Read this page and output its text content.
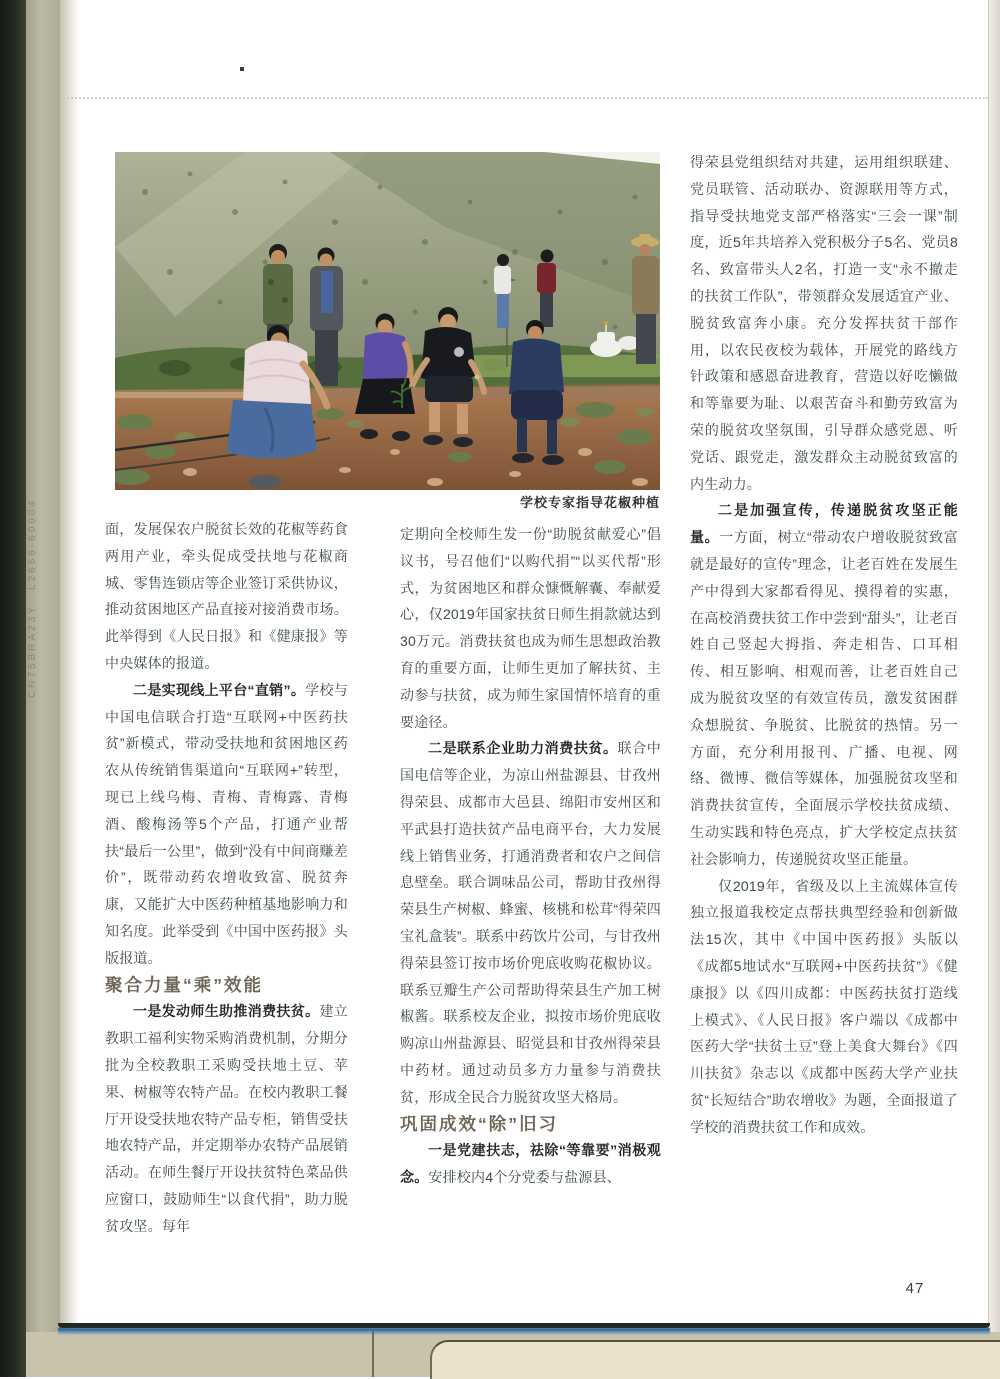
CN75BRA23Y
L2666-60004	学校专家指导花椒种植

面，发展保农户脱贫长效的花椒等药食两用产业，牵头促成受扶地与花椒商城、零售连锁店等企业签订采供协议，推动贫困地区产品直接对接消费市场。此举得到《人民日报》和《健康报》等中央媒体的报道。

二是实现线上平台“直销”。学校与中国电信联合打造“互联网+中医药扶贫”新模式，带动受扶地和贫困地区药农从传统销售渠道向“互联网+”转型，现已上线乌梅、青梅、青梅露、青梅酒、酸梅汤等5个产品，打通产业帮扶“最后一公里”，做到“没有中间商赚差价”，既带动药农增收致富、脱贫奔康，又能扩大中医药种植基地影响力和知名度。此举受到《中国中医药报》头版报道。

聚合力量“乘”效能

一是发动师生助推消费扶贫。建立教职工福利实物采购消费机制，分期分批为全校教职工采购受扶地土豆、苹果、树椒等农特产品。在校内教职工餐厅开设受扶地农特产品专柜，销售受扶地农特产品，并定期举办农特产品展销活动。在师生餐厅开设扶贫特色菜品供应窗口，鼓励师生“以食代捐”，助力脱贫攻坚。每年

定期向全校师生发一份“助脱贫献爱心”倡议书，号召他们“以购代捐”“以买代帮”形式，为贫困地区和群众慷慨解囊、奉献爱心，仅2019年国家扶贫日师生捐款就达到30万元。消费扶贫也成为师生思想政治教育的重要方面，让师生更加了解扶贫、主动参与扶贫，成为师生家国情怀培育的重要途径。

二是联系企业助力消费扶贫。联合中国电信等企业，为凉山州盐源县、甘孜州得荣县、成都市大邑县、绵阳市安州区和平武县打造扶贫产品电商平台，大力发展线上销售业务，打通消费者和农户之间信息壁垒。联合调味品公司，帮助甘孜州得荣县生产树椒、蜂蜜、核桃和松茸“得荣四宝礼盒装”。联系中药饮片公司，与甘孜州得荣县签订按市场价兜底收购花椒协议。联系豆瓣生产公司帮助得荣县生产加工树椒酱。联系校友企业，拟按市场价兜底收购凉山州盐源县、昭觉县和甘孜州得荣县中药材。通过动员多方力量参与消费扶贫，形成全民合力脱贫攻坚大格局。

巩固成效“除”旧习

一是党建扶志，祛除“等靠要”消极观念。安排校内4个分党委与盐源县、

得荣县党组织结对共建，运用组织联建、党员联管、活动联办、资源联用等方式，指导受扶地党支部严格落实“三会一课”制度，近5年共培养入党积极分子5名、党员8名、致富带头人2名，打造一支“永不撤走的扶贫工作队”，带领群众发展适宜产业、脱贫致富奔小康。充分发挥扶贫干部作用，以农民夜校为载体，开展党的路线方针政策和感恩奋进教育，营造以好吃懒做和等靠要为耻、以艰苦奋斗和勤劳致富为荣的脱贫攻坚氛围，引导群众感党恩、听党话、跟党走，激发群众主动脱贫致富的内生动力。

二是加强宣传，传递脱贫攻坚正能量。一方面，树立“带动农户增收脱贫致富就是最好的宣传”理念，让老百姓在发展生产中得到大家都看得见、摸得着的实惠，在高校消费扶贫工作中尝到“甜头”，让老百姓自己竖起大拇指、奔走相告、口耳相传、相互影响、相观而善，让老百姓自己成为脱贫攻坚的有效宣传员，激发贫困群众想脱贫、争脱贫、比脱贫的热情。另一方面，充分利用报刊、广播、电视、网络、微博、微信等媒体，加强脱贫攻坚和消费扶贫宣传，全面展示学校扶贫成绩、生动实践和特色亮点，扩大学校定点扶贫社会影响力，传递脱贫攻坚正能量。

仅2019年，省级及以上主流媒体宣传独立报道我校定点帮扶典型经验和创新做法15次，其中《中国中医药报》头版以《成都5地试水“互联网+中医药扶贫”》《健康报》以《四川成都：中医药扶贫打造线上模式》、《人民日报》客户端以《成都中医药大学“扶贫土豆”登上美食大舞台》《四川扶贫》杂志以《成都中医药大学产业扶贫“长短结合”助农增收》为题，全面报道了学校的消费扶贫工作和成效。

47
